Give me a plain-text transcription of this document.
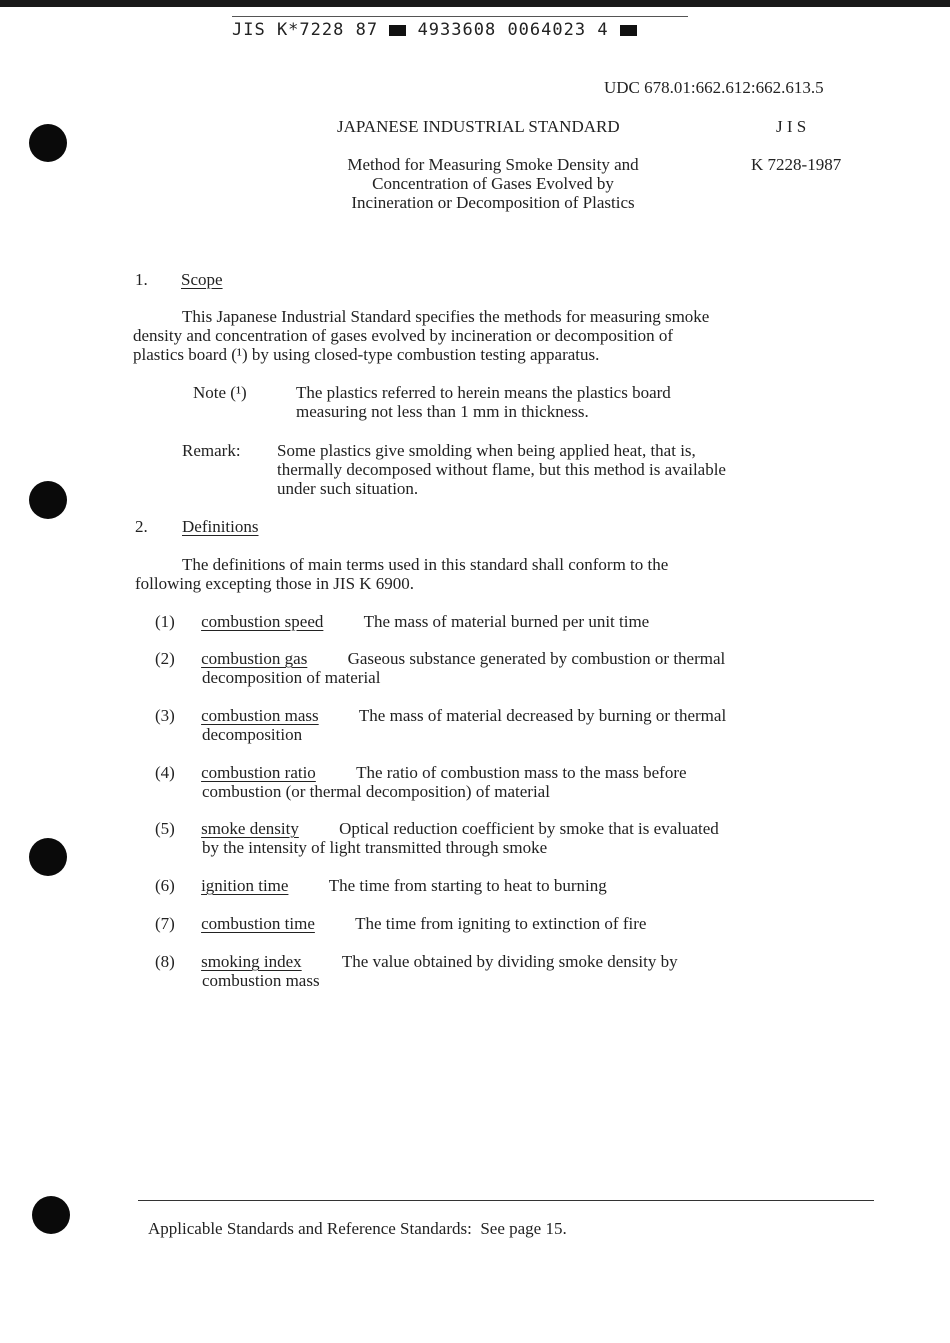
JIS K*7228 87 4933608 0064023 4
UDC 678.01:662.612:662.613.5
JAPANESE INDUSTRIAL STANDARD	J I S
K 7228-1987
Method for Measuring Smoke Density and
Concentration of Gases Evolved by
Incineration or Decomposition of Plastics
1. Scope
This Japanese Industrial Standard specifies the methods for measuring smoke
density and concentration of gases evolved by incineration or decomposition of
plastics board (¹) by using closed-type combustion testing apparatus.
Note (¹)	The plastics referred to herein means the plastics board
measuring not less than 1 mm in thickness.
Remark: Some plastics give smolding when being applied heat, that is,
thermally decomposed without flame, but this method is available
under such situation.
2. Definitions
The definitions of main terms used in this standard shall conform to the
following excepting those in JIS K 6900.
(1) combustion speed The mass of material burned per unit time
(2) combustion gas Gaseous substance generated by combustion or thermal
decomposition of material
(3) combustion mass The mass of material decreased by burning or thermal
decomposition
(4) combustion ratio The ratio of combustion mass to the mass before
combustion (or thermal decomposition) of material
(5) smoke density Optical reduction coefficient by smoke that is evaluated
by the intensity of light transmitted through smoke
(6) ignition time The time from starting to heat to burning
(7) combustion time The time from igniting to extinction of fire
(8) smoking index The value obtained by dividing smoke density by
combustion mass
Applicable Standards and Reference Standards:  See page 15.
